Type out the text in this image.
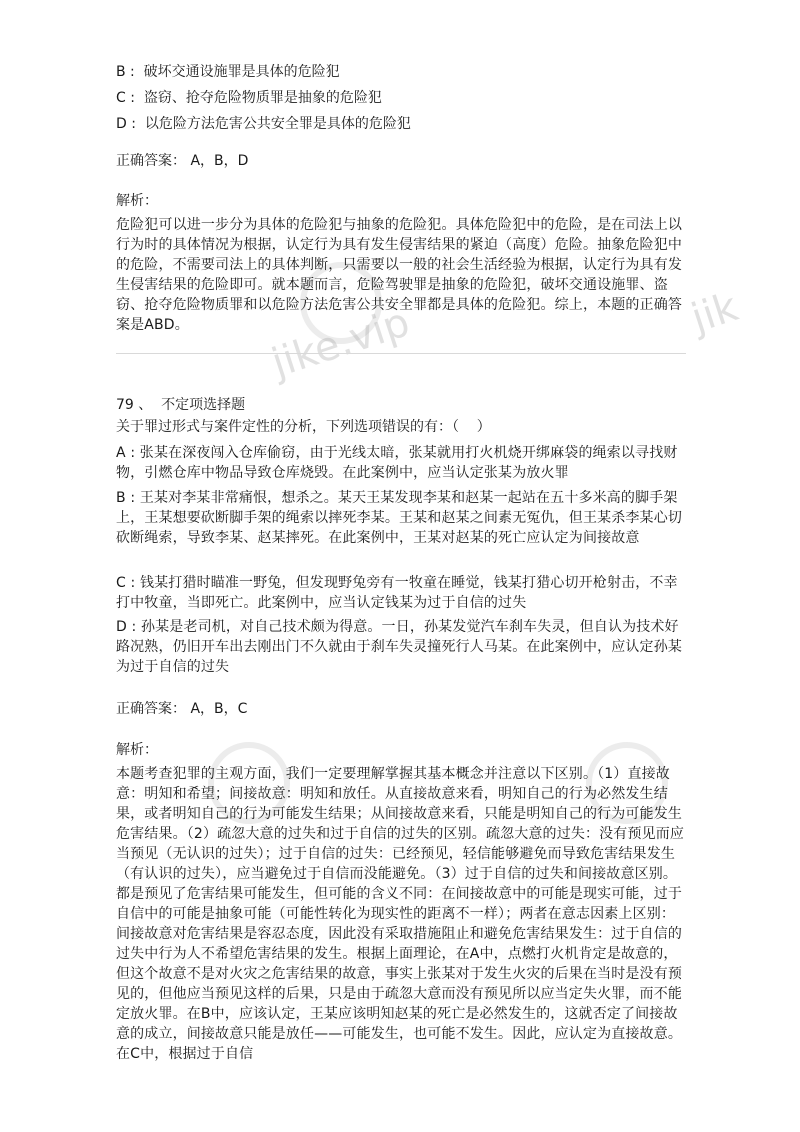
jike.vip	jik
B :  破坏交通设施罪是具体的危险犯
C :  盗窃、抢夺危险物质罪是抽象的危险犯
D :  以危险方法危害公共安全罪是具体的危险犯
正确答案： A，B，D
解析：
危险犯可以进一步分为具体的危险犯与抽象的危险犯。具体危险犯中的危险，是在司法上以行为时的具体情况为根据，认定行为具有发生侵害结果的紧迫（高度）危险。抽象危险犯中的危险，不需要司法上的具体判断，只需要以一般的社会生活经验为根据，认定行为具有发生侵害结果的危险即可。就本题而言，危险驾驶罪是抽象的危险犯，破坏交通设施罪、盗窃、抢夺危险物质罪和以危险方法危害公共安全罪都是具体的危险犯。综上，本题的正确答案是ABD。
79 、  不定项选择题
关于罪过形式与案件定性的分析，下列选项错误的有：（    ）
A : 张某在深夜闯入仓库偷窃，由于光线太暗，张某就用打火机烧开绑麻袋的绳索以寻找财物，引燃仓库中物品导致仓库烧毁。在此案例中，应当认定张某为放火罪
B : 王某对李某非常痛恨，想杀之。某天王某发现李某和赵某一起站在五十多米高的脚手架上，王某想要砍断脚手架的绳索以摔死李某。王某和赵某之间素无冤仇，但王某杀李某心切砍断绳索，导致李某、赵某摔死。在此案例中，王某对赵某的死亡应认定为间接故意
C : 钱某打猎时瞄准一野兔，但发现野兔旁有一牧童在睡觉，钱某打猎心切开枪射击，不幸打中牧童，当即死亡。此案例中，应当认定钱某为过于自信的过失
D : 孙某是老司机，对自己技术颇为得意。一日，孙某发觉汽车刹车失灵，但自认为技术好路况熟，仍旧开车出去刚出门不久就由于刹车失灵撞死行人马某。在此案例中，应认定孙某为过于自信的过失
正确答案： A，B，C
解析：
本题考查犯罪的主观方面，我们一定要理解掌握其基本概念并注意以下区别。（1）直接故意：明知和希望；间接故意：明知和放任。从直接故意来看，明知自己的行为必然发生结果，或者明知自己的行为可能发生结果；从间接故意来看，只能是明知自己的行为可能发生危害结果。（2）疏忽大意的过失和过于自信的过失的区别。疏忽大意的过失：没有预见而应当预见（无认识的过失）；过于自信的过失：已经预见，轻信能够避免而导致危害结果发生（有认识的过失），应当避免过于自信而没能避免。（3）过于自信的过失和间接故意区别。都是预见了危害结果可能发生，但可能的含义不同：在间接故意中的可能是现实可能，过于自信中的可能是抽象可能（可能性转化为现实性的距离不一样）；两者在意志因素上区别：间接故意对危害结果是容忍态度，因此没有采取措施阻止和避免危害结果发生：过于自信的过失中行为人不希望危害结果的发生。根据上面理论，在A中，点燃打火机肯定是故意的，但这个故意不是对火灾之危害结果的故意，事实上张某对于发生火灾的后果在当时是没有预见的，但他应当预见这样的后果，只是由于疏忽大意而没有预见所以应当定失火罪，而不能定放火罪。在B中，应该认定，王某应该明知赵某的死亡是必然发生的，这就否定了间接故意的成立，间接故意只能是放任——可能发生，也可能不发生。因此，应认定为直接故意。在C中，根据过于自信
